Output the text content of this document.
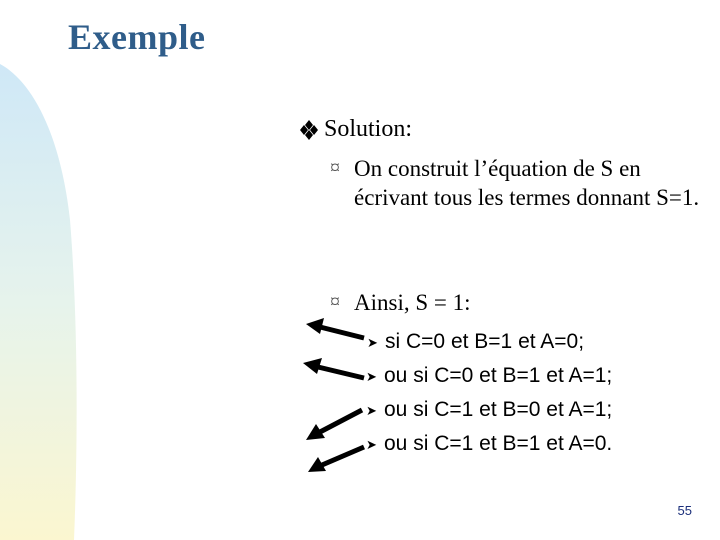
Exemple
Solution:
¤ On construit l’équation de S en écrivant tous les termes donnant S=1.
¤ Ainsi, S = 1:
➤ si C=0 et B=1 et A=0;
➤ ou si C=0 et B=1 et A=1;
➤ ou si C=1 et B=0 et A=1;
➤ ou si C=1 et B=1 et A=0.
55
